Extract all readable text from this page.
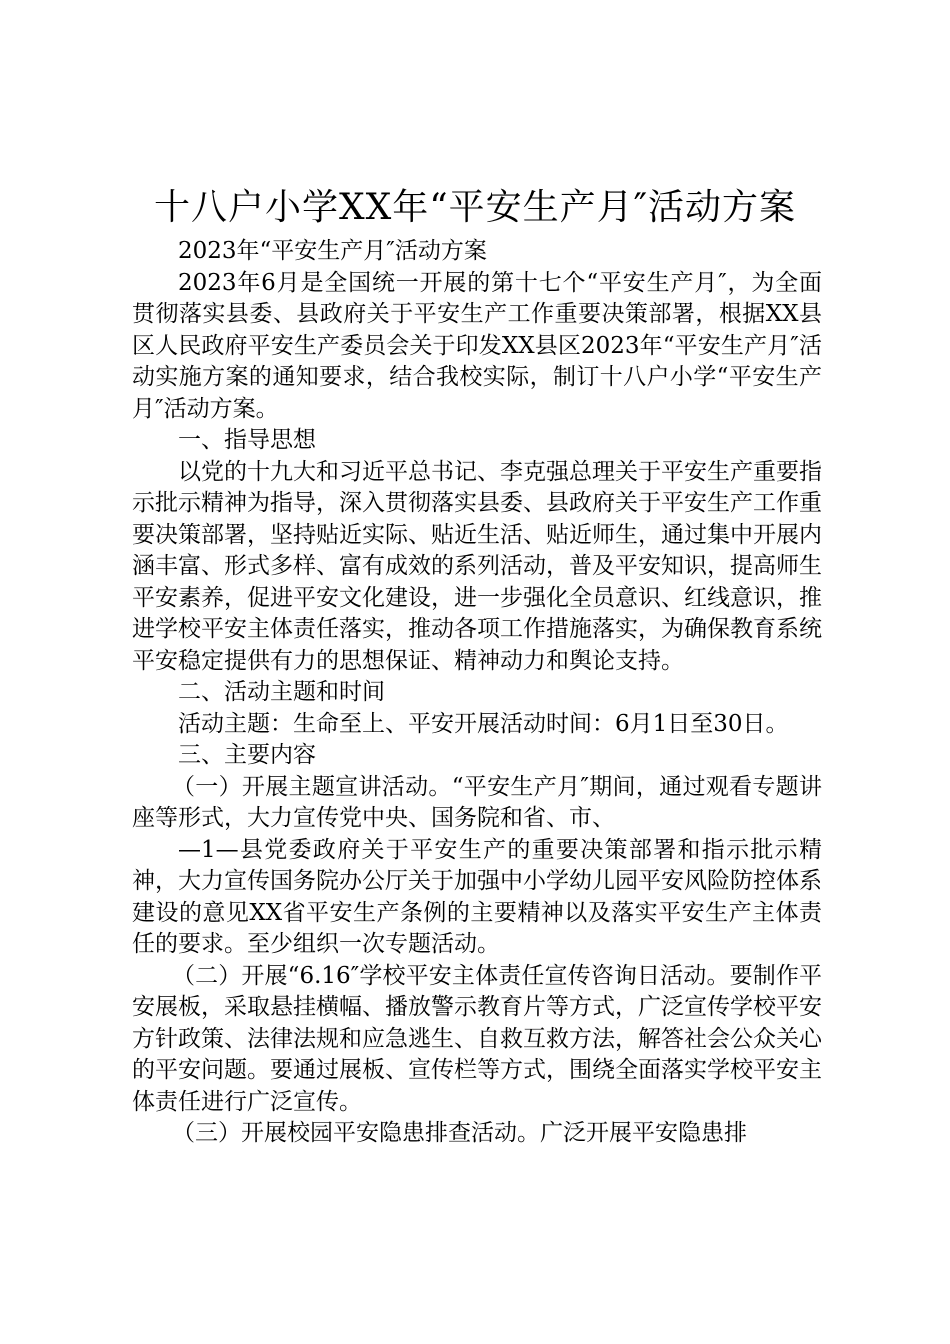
十八户小学XX年“平安生产月″活动方案

2023年“平安生产月″活动方案

2023年6月是全国统一开展的第十七个“平安生产月″，为全面贯彻落实县委、县政府关于平安生产工作重要决策部署，根据XX县区人民政府平安生产委员会关于印发XX县区2023年“平安生产月″活动实施方案的通知要求，结合我校实际，制订十八户小学“平安生产月″活动方案。

一、指导思想

以党的十九大和习近平总书记、李克强总理关于平安生产重要指示批示精神为指导，深入贯彻落实县委、县政府关于平安生产工作重要决策部署，坚持贴近实际、贴近生活、贴近师生，通过集中开展内涵丰富、形式多样、富有成效的系列活动，普及平安知识，提高师生平安素养，促进平安文化建设，进一步强化全员意识、红线意识，推进学校平安主体责任落实，推动各项工作措施落实，为确保教育系统平安稳定提供有力的思想保证、精神动力和舆论支持。

二、活动主题和时间

活动主题：生命至上、平安开展活动时间：6月1日至30日。

三、主要内容

（一）开展主题宣讲活动。“平安生产月″期间，通过观看专题讲座等形式，大力宣传党中央、国务院和省、市、

—1—县党委政府关于平安生产的重要决策部署和指示批示精神，大力宣传国务院办公厅关于加强中小学幼儿园平安风险防控体系建设的意见XX省平安生产条例的主要精神以及落实平安生产主体责任的要求。至少组织一次专题活动。

（二）开展“6.16″学校平安主体责任宣传咨询日活动。要制作平安展板，采取悬挂横幅、播放警示教育片等方式，广泛宣传学校平安方针政策、法律法规和应急逃生、自救互救方法，解答社会公众关心的平安问题。要通过展板、宣传栏等方式，围绕全面落实学校平安主体责任进行广泛宣传。

（三）开展校园平安隐患排查活动。广泛开展平安隐患排
